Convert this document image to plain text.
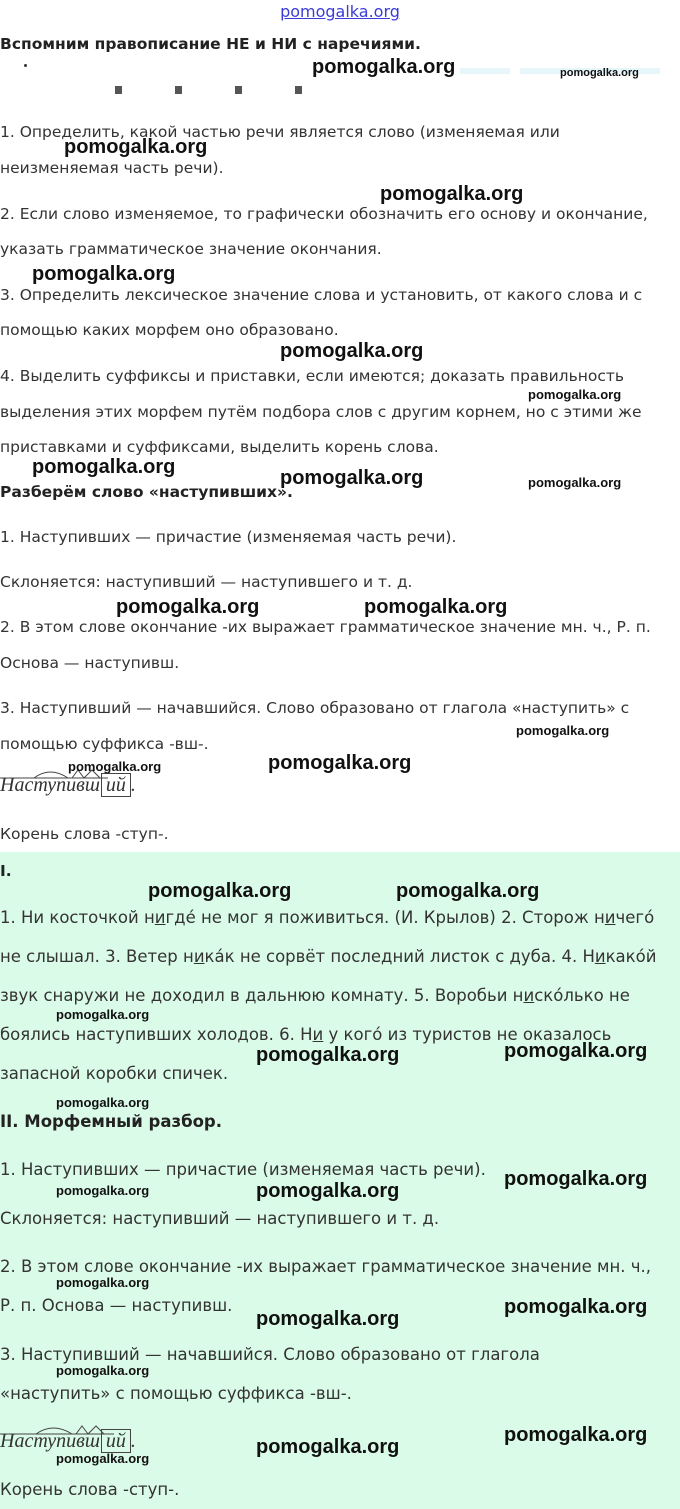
pomogalka.org
Вспомним правописание НЕ и НИ с наречиями.
1. Определить, какой частью речи является слово (изменяемая или
неизменяемая часть речи).
2. Если слово изменяемое, то графически обозначить его основу и окончание,
указать грамматическое значение окончания.
3. Определить лексическое значение слова и установить, от какого слова и с
помощью каких морфем оно образовано.
4. Выделить суффиксы и приставки, если имеются; доказать правильность
выделения этих морфем путём подбора слов с другим корнем, но с этими же
приставками и суффиксами, выделить корень слова.
Разберём слово «наступивших».
1. Наступивших — причастие (изменяемая часть речи).
Склоняется: наступивший — наступившего и т. д.
2. В этом слове окончание -их выражает грамматическое значение мн. ч., Р. п.
Основа — наступивш.
3. Наступивший — начавшийся. Слово образовано от глагола «наступить» с
помощью суффикса -вш-.
Наступивш ий .
Корень слова -ступ-.
I.
1. Ни косточкой нигде́ не мог я поживиться. (И. Крылов) 2. Сторож ничего́
не слышал. 3. Ветер ника́к не сорвёт последний листок с дуба. 4. Никако́й
звук снаружи не доходил в дальнюю комнату. 5. Воробьи ниско́лько не
боялись наступивших холодов. 6. Ни у кого́ из туристов не оказалось
запасной коробки спичек.
II. Морфемный разбор.
1. Наступивших — причастие (изменяемая часть речи).
Склоняется: наступивший — наступившего и т. д.
2. В этом слове окончание -их выражает грамматическое значение мн. ч.,
Р. п. Основа — наступивш.
3. Наступивший — начавшийся. Слово образовано от глагола
«наступить» с помощью суффикса -вш-.
Наступивш ий .
Корень слова -ступ-.
pomogalka.org	pomogalka.org
pomogalka.org
pomogalka.org
pomogalka.org
pomogalka.org
pomogalka.org
pomogalka.org	pomogalka.org	pomogalka.org
pomogalka.org	pomogalka.org
pomogalka.org
pomogalka.org	pomogalka.org
pomogalka.org	pomogalka.org
pomogalka.org
pomogalka.org	pomogalka.org
pomogalka.org
pomogalka.org	pomogalka.org
pomogalka.org
pomogalka.org
pomogalka.org
pomogalka.org
pomogalka.org
pomogalka.org
pomogalka.org
pomogalka.org
